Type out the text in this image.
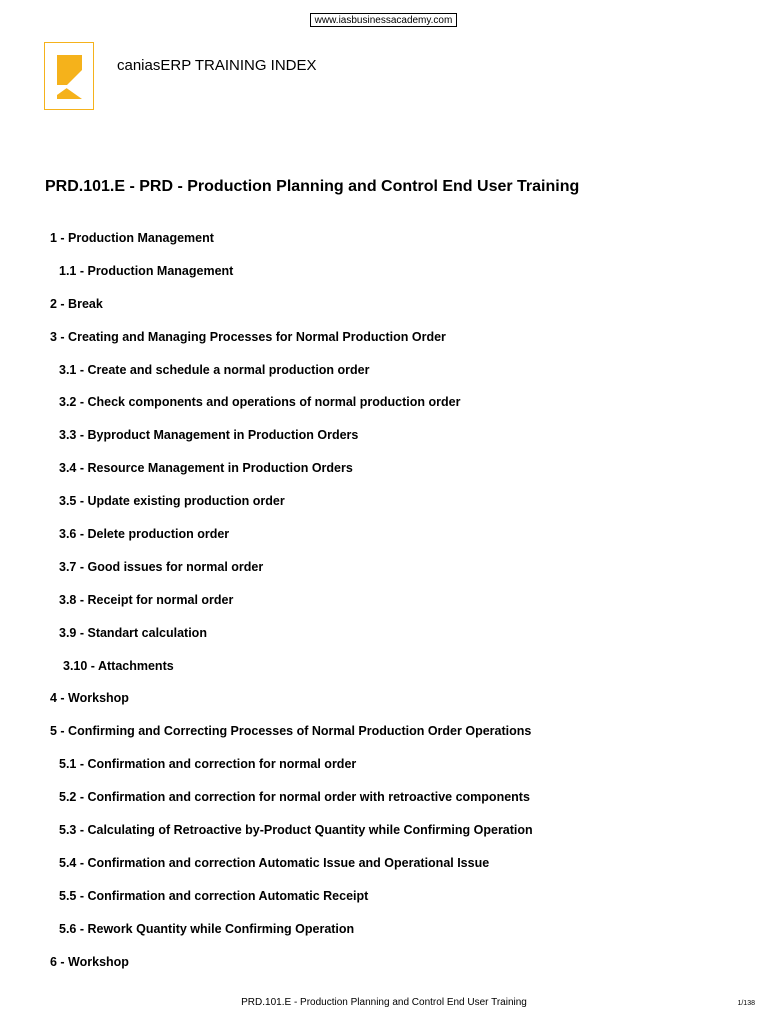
www.iasbusinessacademy.com
caniasERP TRAINING INDEX
PRD.101.E - PRD - Production Planning and Control End User Training
1 - Production Management
1.1 - Production Management
2 - Break
3 - Creating and Managing Processes for Normal Production Order
3.1 - Create and schedule a normal production order
3.2 - Check components and operations of normal production order
3.3 - Byproduct Management in Production Orders
3.4 - Resource Management in Production Orders
3.5 - Update existing production order
3.6 - Delete production order
3.7 - Good issues for normal order
3.8 - Receipt for normal order
3.9 - Standart calculation
3.10 - Attachments
4 - Workshop
5 - Confirming and Correcting Processes of Normal Production Order Operations
5.1 - Confirmation and correction for normal order
5.2 - Confirmation and correction for normal order with retroactive components
5.3 - Calculating of Retroactive by-Product Quantity while Confirming Operation
5.4 - Confirmation and correction Automatic Issue and Operational Issue
5.5 - Confirmation and correction Automatic Receipt
5.6 - Rework Quantity while Confirming Operation
6 - Workshop
PRD.101.E - Production Planning and Control End User Training	1/138
